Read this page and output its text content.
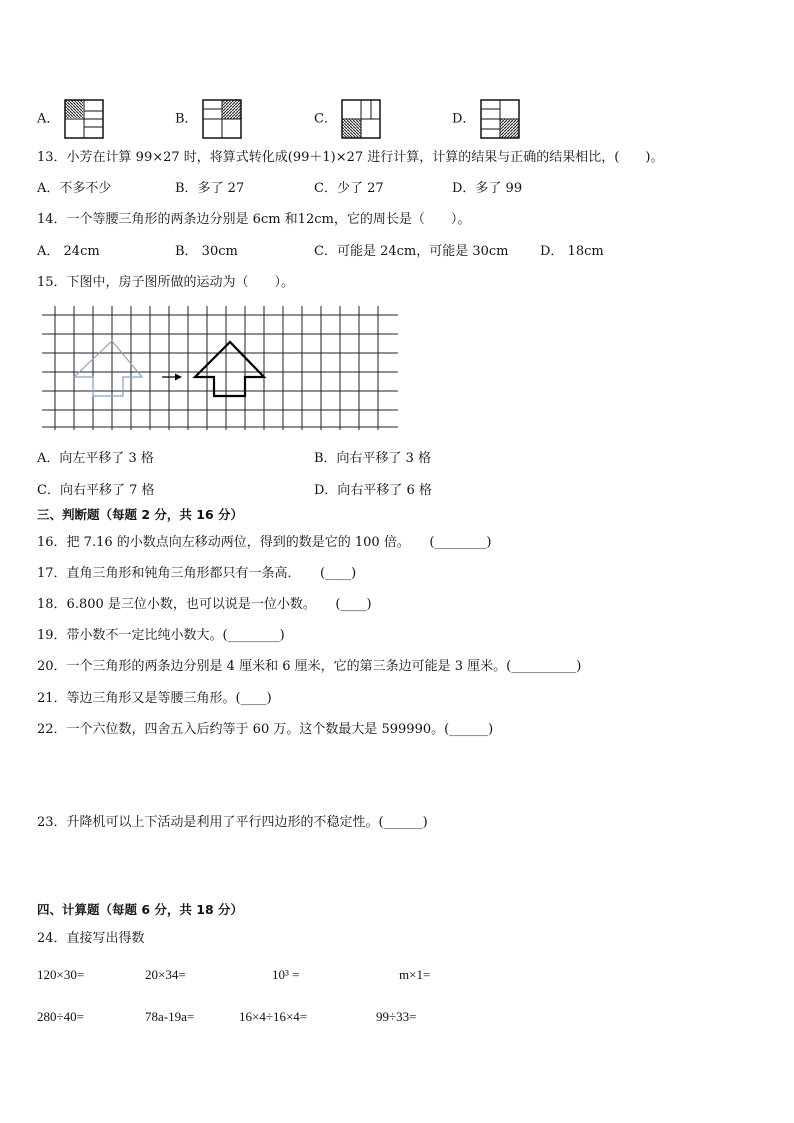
A．	B．	C．	D．
13．小芳在计算 99×27 时，将算式转化成(99＋1)×27 进行计算，计算的结果与正确的结果相比，(　　)。
A．不多不少	B．多了 27	C．少了 27	D．多了 99
14．一个等腰三角形的两条边分别是 6cm 和12cm，它的周长是（　　）。
A． 24cm	B． 30cm	C．可能是 24cm，可能是 30cm D． 18cm
15．下图中，房子图所做的运动为（　　）。
A．向左平移了 3 格	B．向右平移了 3 格
C．向右平移了 7 格	D．向右平移了 6 格
三、判断题（每题 2 分，共 16 分）
16．把 7.16 的小数点向左移动两位，得到的数是它的 100 倍。　　(________)
17．直角三角形和钝角三角形都只有一条高．　　(____)
18．6.800 是三位小数，也可以说是一位小数。　　(____)
19．带小数不一定比纯小数大。(________)
20．一个三角形的两条边分别是 4 厘米和 6 厘米，它的第三条边可能是 3 厘米。(__________)
21．等边三角形又是等腰三角形。(____)
22．一个六位数，四舍五入后约等于 60 万。这个数最大是 599990。(______)
23．升降机可以上下活动是利用了平行四边形的不稳定性。(______)
四、计算题（每题 6 分，共 18 分）
24．直接写出得数
120×30=	20×34=	10³ =	m×1=
280÷40=	78a-19a=	16×4÷16×4=	99÷33=
